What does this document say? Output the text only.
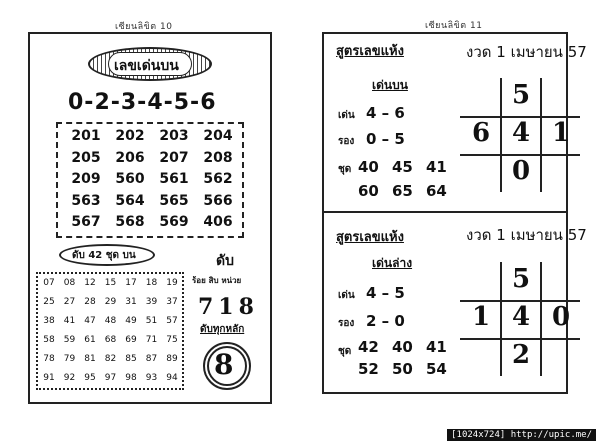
เซียนลิขิต 10
เลขเด่นบน
0-2-3-4-5-6
201	202	203	204
205	206	207	208
209	560	561	562
563	564	565	566
567	568	569	406
ดับ 42 ชุด บน
07	08	12	15	17	18	19
25	27	28	29	31	39	37
38	41	47	48	49	51	57
58	59	61	68	69	71	75
78	79	81	82	85	87	89
91	92	95	97	98	93	94
ดับ
ร้อย สิบ หน่วย
718
ดับทุกหลัก
8
เซียนลิขิต 11
สูตรเลขแห้ง	งวด 1 เมษายน 57
เด่นบน
เด่น 4 – 6
รอง 0 – 5
ชุด 40 45 41
60 65 64
5
6 4 1
0
สูตรเลขแห้ง	งวด 1 เมษายน 57
เด่นล่าง
เด่น 4 – 5
รอง 2 – 0
ชุด 42 40 41
52 50 54
5
1 4 0
2
[1024x724] http://upic.me/
